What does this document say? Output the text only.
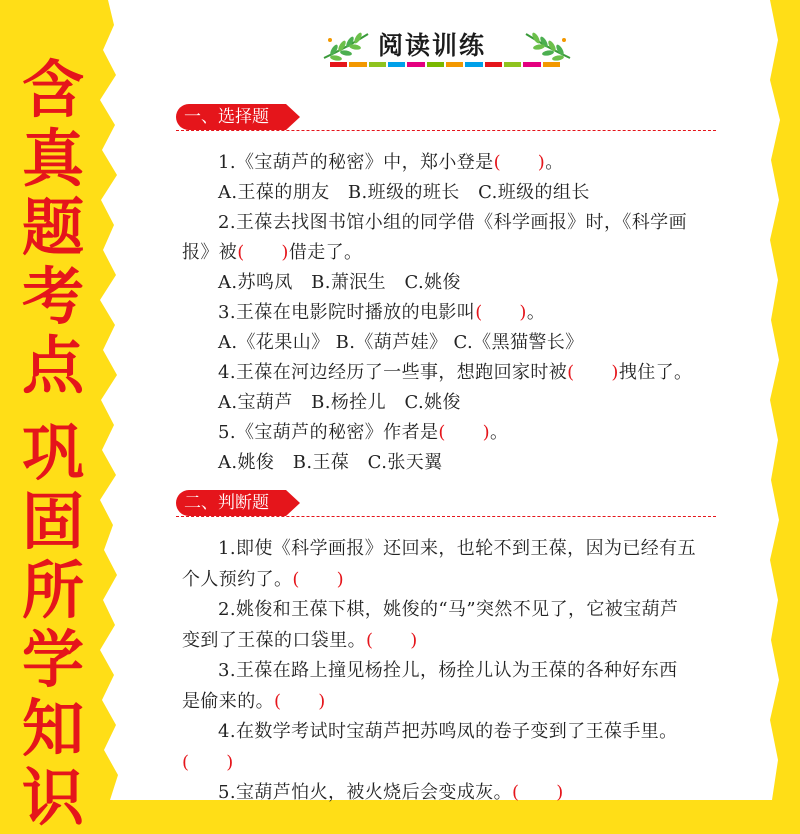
含
真
题
考
点
巩
固
所
学
知
识
阅读训练
一、选择题
1.《宝葫芦的秘密》中，郑小登是(　　)。
A.王葆的朋友　B.班级的班长　C.班级的组长
2.王葆去找图书馆小组的同学借《科学画报》时，《科学画
报》被(　　)借走了。
A.苏鸣凤　B.萧泯生　C.姚俊
3.王葆在电影院时播放的电影叫(　　)。
A.《花果山》 B.《葫芦娃》 C.《黑猫警长》
4.王葆在河边经历了一些事，想跑回家时被(　　)拽住了。
A.宝葫芦　B.杨拴儿　C.姚俊
5.《宝葫芦的秘密》作者是(　　)。
A.姚俊　B.王葆　C.张天翼
二、判断题
1.即使《科学画报》还回来，也轮不到王葆，因为已经有五
个人预约了。(　　)
2.姚俊和王葆下棋，姚俊的“马”突然不见了，它被宝葫芦
变到了王葆的口袋里。(　　)
3.王葆在路上撞见杨拴儿，杨拴儿认为王葆的各种好东西
是偷来的。(　　)
4.在数学考试时宝葫芦把苏鸣凤的卷子变到了王葆手里。
(　　)
5.宝葫芦怕火，被火烧后会变成灰。(　　)
